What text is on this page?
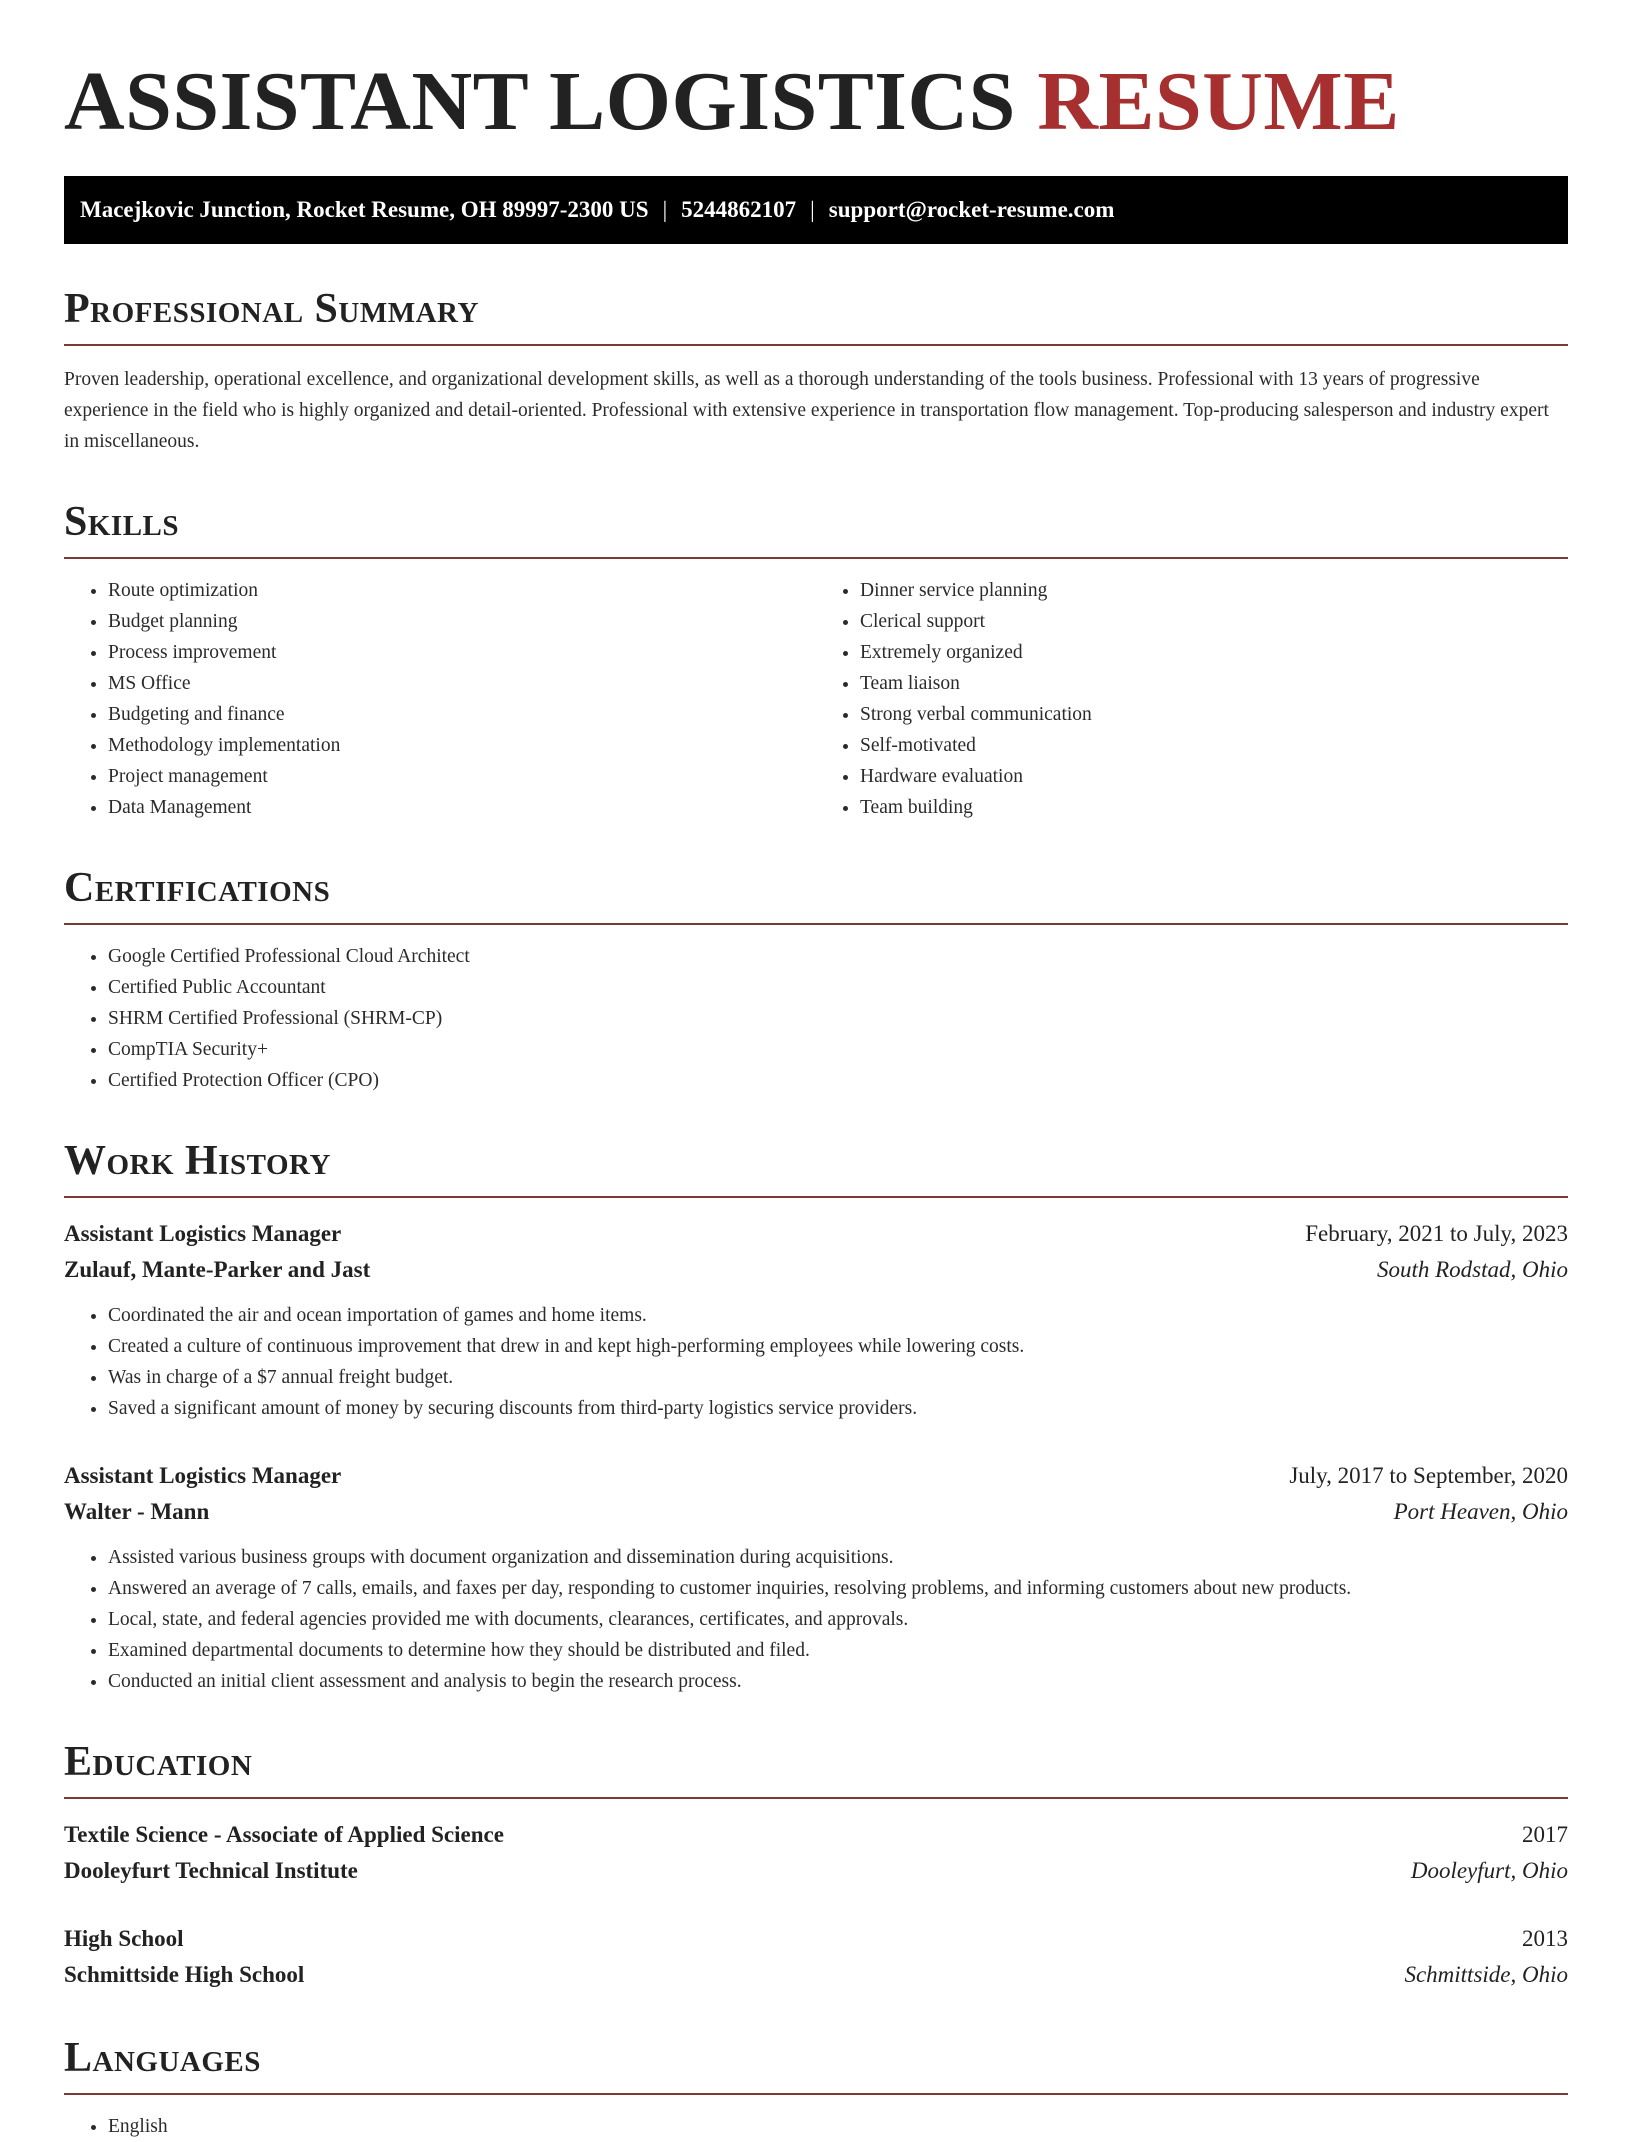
ASSISTANT LOGISTICS RESUME
Macejkovic Junction, Rocket Resume, OH 89997-2300 US | 5244862107 | support@rocket-resume.com
Professional Summary

Proven leadership, operational excellence, and organizational development skills, as well as a thorough understanding of the tools business. Professional with 13 years of progressive experience in the field who is highly organized and detail-oriented. Professional with extensive experience in transportation flow management. Top-producing salesperson and industry expert in miscellaneous.

Skills
• Route optimization
• Budget planning
• Process improvement
• MS Office
• Budgeting and finance
• Methodology implementation
• Project management
• Data Management
• Dinner service planning
• Clerical support
• Extremely organized
• Team liaison
• Strong verbal communication
• Self-motivated
• Hardware evaluation
• Team building
Certifications
• Google Certified Professional Cloud Architect
• Certified Public Accountant
• SHRM Certified Professional (SHRM-CP)
• CompTIA Security+
• Certified Protection Officer (CPO)
Work History
Assistant Logistics Manager	February, 2021 to July, 2023
Zulauf, Mante-Parker and Jast	South Rodstad, Ohio
• Coordinated the air and ocean importation of games and home items.
• Created a culture of continuous improvement that drew in and kept high-performing employees while lowering costs.
• Was in charge of a $7 annual freight budget.
• Saved a significant amount of money by securing discounts from third-party logistics service providers.
Assistant Logistics Manager	July, 2017 to September, 2020
Walter - Mann	Port Heaven, Ohio
• Assisted various business groups with document organization and dissemination during acquisitions.
• Answered an average of 7 calls, emails, and faxes per day, responding to customer inquiries, resolving problems, and informing customers about new products.
• Local, state, and federal agencies provided me with documents, clearances, certificates, and approvals.
• Examined departmental documents to determine how they should be distributed and filed.
• Conducted an initial client assessment and analysis to begin the research process.
Education
Textile Science - Associate of Applied Science	2017
Dooleyfurt Technical Institute	Dooleyfurt, Ohio
High School	2013
Schmittside High School	Schmittside, Ohio
Languages
• English
